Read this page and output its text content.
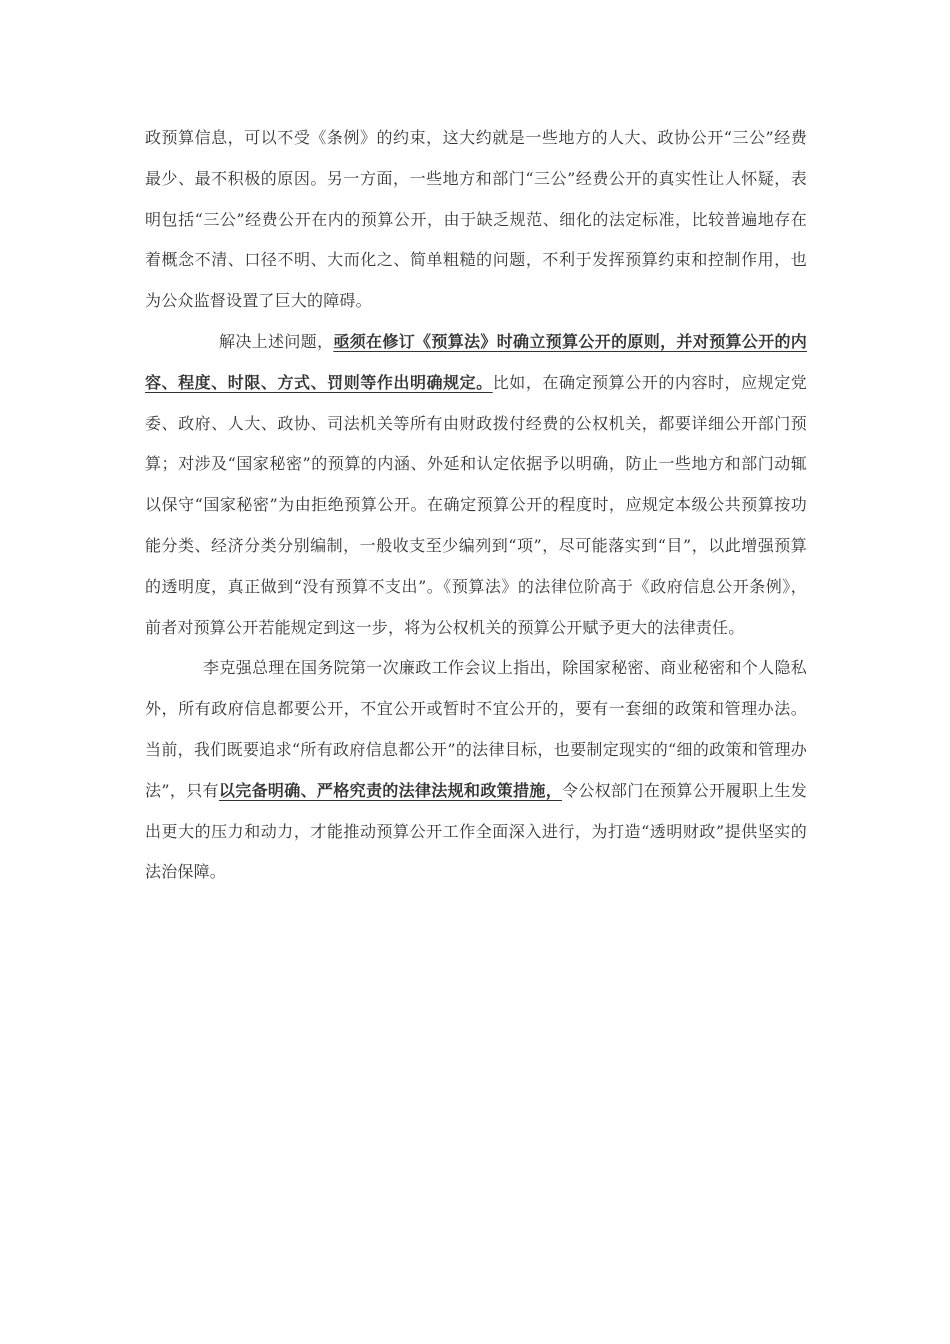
政预算信息，可以不受《条例》的约束，这大约就是一些地方的人大、政协公开“三公”经费最少、最不积极的原因。另一方面，一些地方和部门“三公”经费公开的真实性让人怀疑，表明包括“三公”经费公开在内的预算公开，由于缺乏规范、细化的法定标准，比较普遍地存在着概念不清、口径不明、大而化之、简单粗糙的问题，不利于发挥预算约束和控制作用，也为公众监督设置了巨大的障碍。

解决上述问题，亟须在修订《预算法》时确立预算公开的原则，并对预算公开的内容、程度、时限、方式、罚则等作出明确规定。比如，在确定预算公开的内容时，应规定党委、政府、人大、政协、司法机关等所有由财政拨付经费的公权机关，都要详细公开部门预算；对涉及“国家秘密”的预算的内涵、外延和认定依据予以明确，防止一些地方和部门动辄以保守“国家秘密”为由拒绝预算公开。在确定预算公开的程度时，应规定本级公共预算按功能分类、经济分类分别编制，一般收支至少编列到“项”，尽可能落实到“目”，以此增强预算的透明度，真正做到“没有预算不支出”。《预算法》的法律位阶高于《政府信息公开条例》，前者对预算公开若能规定到这一步，将为公权机关的预算公开赋予更大的法律责任。

李克强总理在国务院第一次廉政工作会议上指出，除国家秘密、商业秘密和个人隐私外，所有政府信息都要公开，不宜公开或暂时不宜公开的，要有一套细的政策和管理办法。当前，我们既要追求“所有政府信息都公开”的法律目标，也要制定现实的“细的政策和管理办法”，只有以完备明确、严格究责的法律法规和政策措施，令公权部门在预算公开履职上生发出更大的压力和动力，才能推动预算公开工作全面深入进行，为打造“透明财政”提供坚实的法治保障。
